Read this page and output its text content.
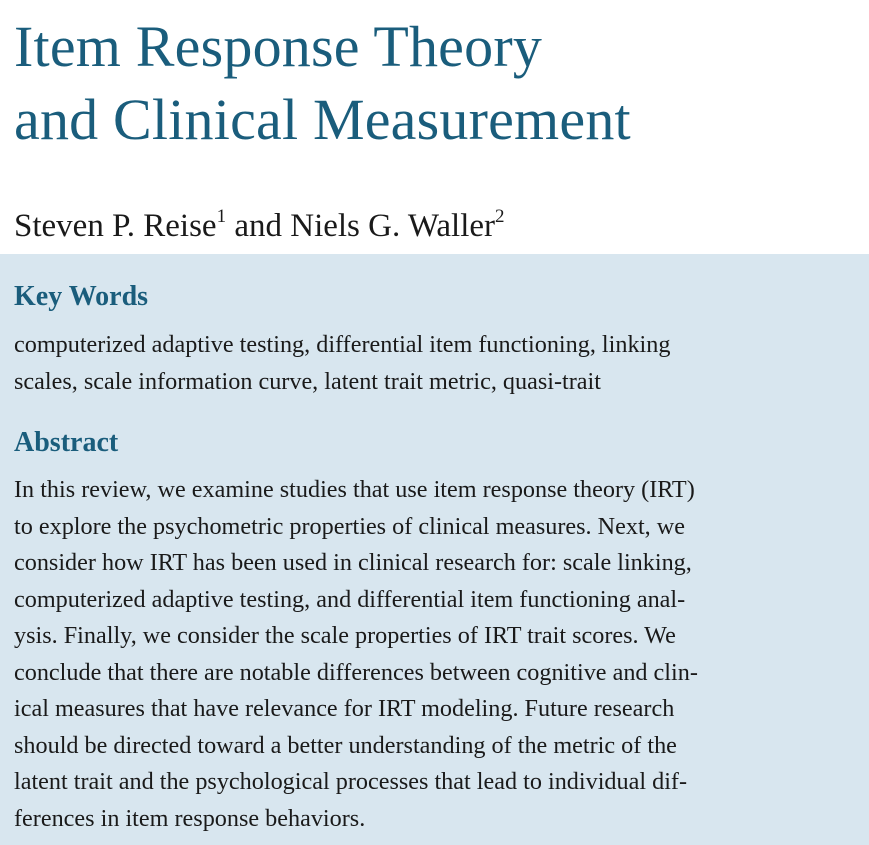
Item Response Theory
and Clinical Measurement
Steven P. Reise$^1$ and Niels G. Waller$^2$
Key Words

computerized adaptive testing, differential item functioning, linking
scales, scale information curve, latent trait metric, quasi-trait

Abstract

In this review, we examine studies that use item response theory (IRT)
to explore the psychometric properties of clinical measures. Next, we
consider how IRT has been used in clinical research for: scale linking,
computerized adaptive testing, and differential item functioning anal-
ysis. Finally, we consider the scale properties of IRT trait scores. We
conclude that there are notable differences between cognitive and clin-
ical measures that have relevance for IRT modeling. Future research
should be directed toward a better understanding of the metric of the
latent trait and the psychological processes that lead to individual dif-
ferences in item response behaviors.
